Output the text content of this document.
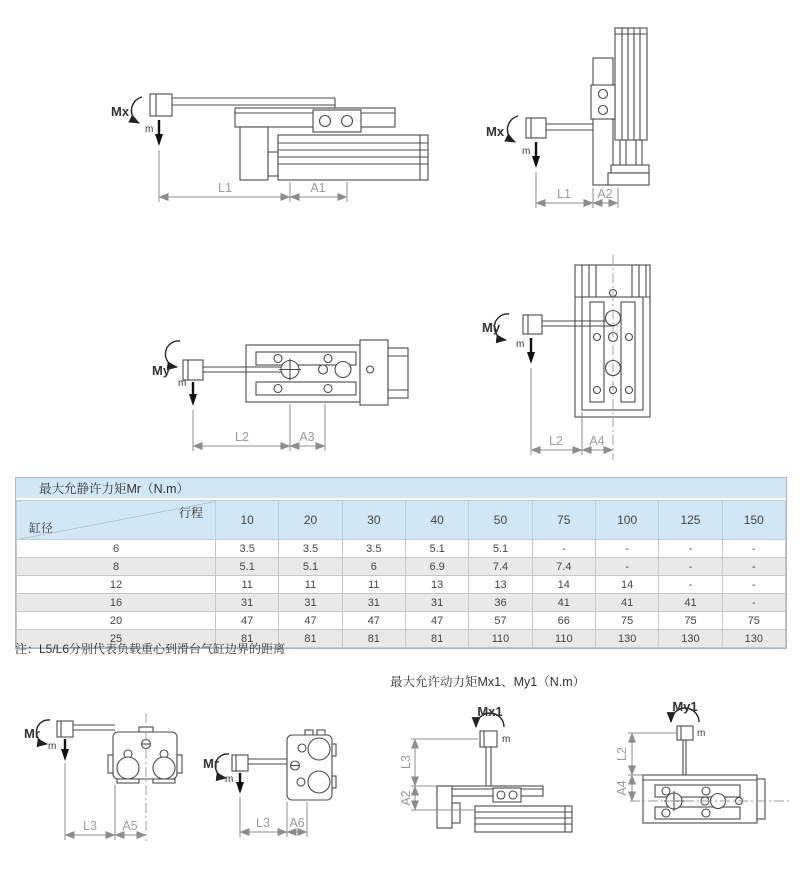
Mx
m
L1	A1
Mx
m
L1 A2
My
m
L2	A3
My
m
L2 A4
最大允静许力矩Mr（N.m）
行程
缸径	10	20	30	40	50	75	100	125	150
6	3.5	3.5	3.5	5.1	5.1	-	-	-	-
8	5.1	5.1	6	6.9	7.4	7.4	-	-	-
12	11	11	11	13	13	14	14	-	-
16	31	31	31	31	36	41	41	41	-
20	47	47	47	47	57	66	75	75	75
25	81	81	81	81	110	110	130	130	130
注：L5/L6分别代表负载重心到滑台气缸边界的距离
最大允许动力矩Mx1、My1（N.m）
Mr
m
L3 A5
Mr
m
L3 A6
Mx1
m
L3
A2
My1
m
L2
A4
